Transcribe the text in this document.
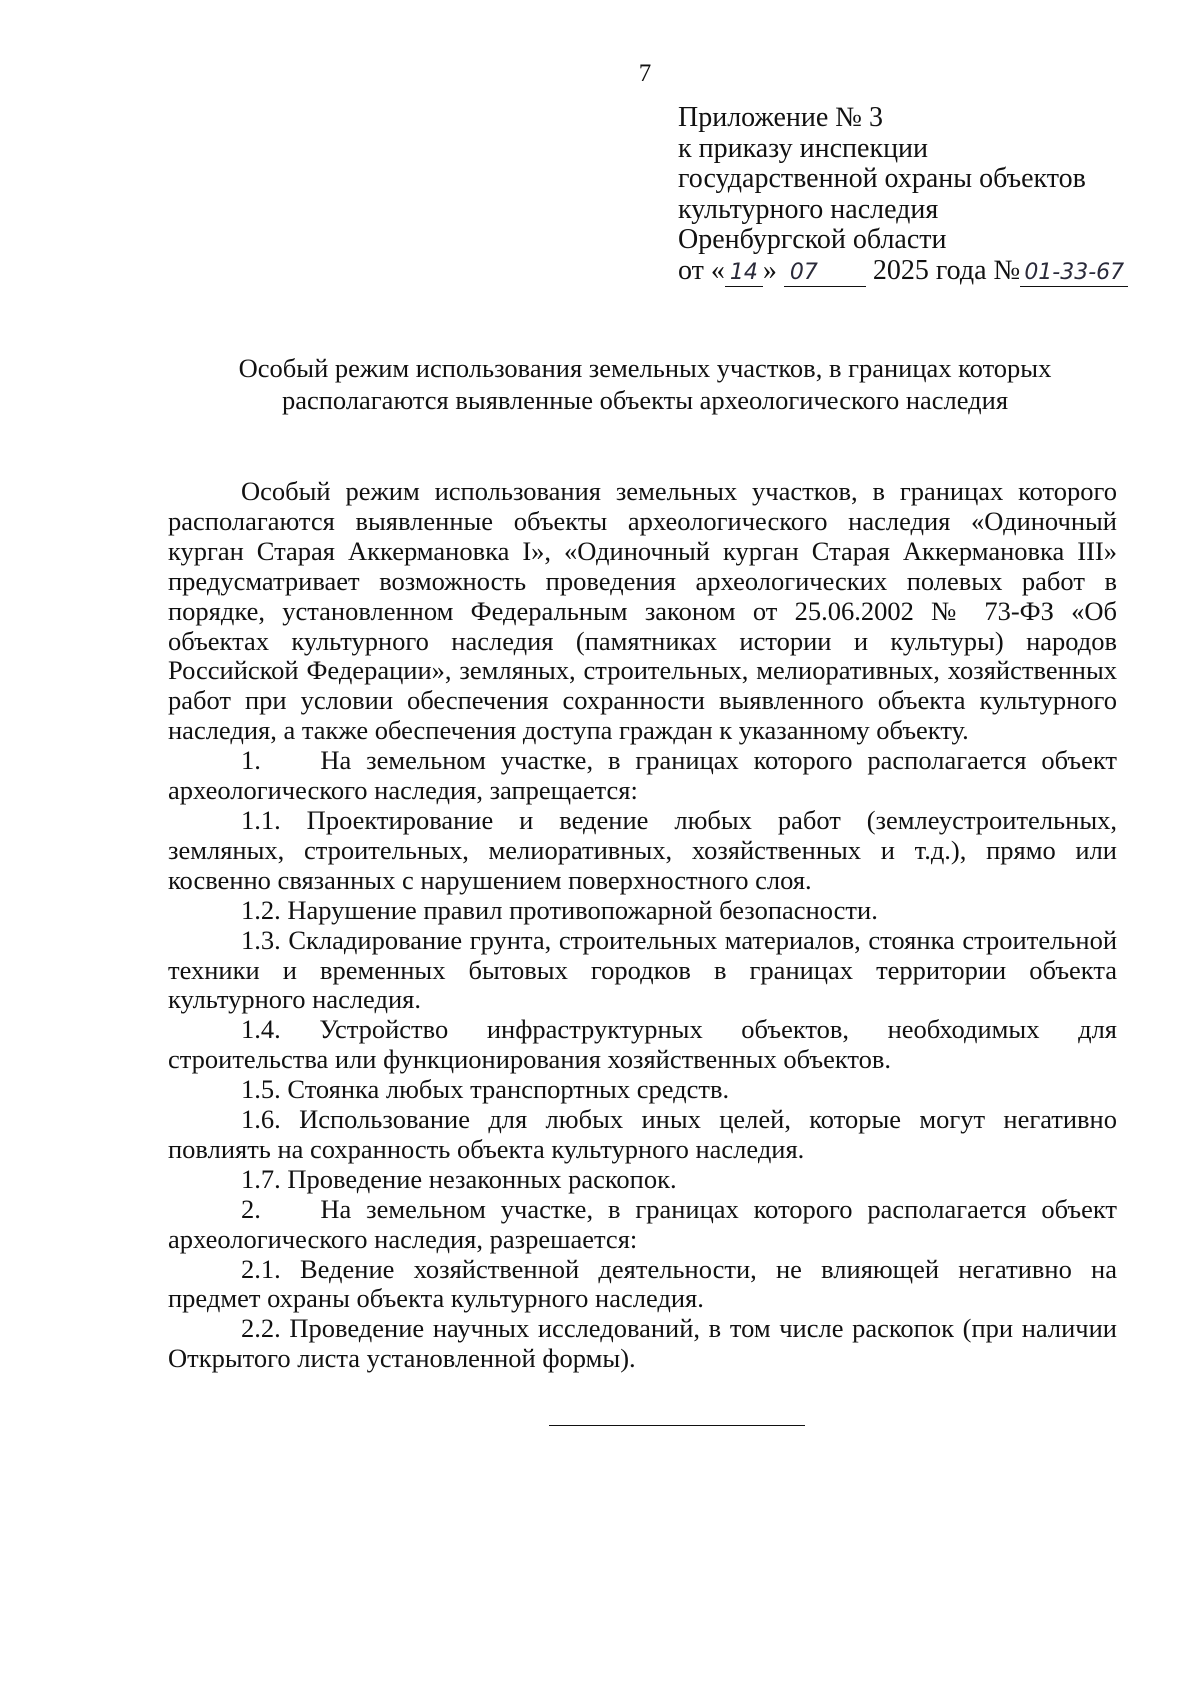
7
Приложение № 3
к приказу инспекции
государственной охраны объектов
культурного наследия
Оренбургской области
от « 14 » 07 2025 года № 01-33-67
Особый режим использования земельных участков, в границах которых
располагаются выявленные объекты археологического наследия

Особый режим использования земельных участков, в границах которого располагаются выявленные объекты археологического наследия «Одиночный курган Старая Аккермановка I», «Одиночный курган Старая Аккермановка III» предусматривает возможность проведения археологических полевых работ в порядке, установленном Федеральным законом от 25.06.2002 № 73-ФЗ «Об объектах культурного наследия (памятниках истории и культуры) народов Российской Федерации», земляных, строительных, мелиоративных, хозяйственных работ при условии обеспечения сохранности выявленного объекта культурного наследия, а также обеспечения доступа граждан к указанному объекту.

1. На земельном участке, в границах которого располагается объект археологического наследия, запрещается:

1.1. Проектирование и ведение любых работ (землеустроительных, земляных, строительных, мелиоративных, хозяйственных и т.д.), прямо или косвенно связанных с нарушением поверхностного слоя.

1.2. Нарушение правил противопожарной безопасности.

1.3. Складирование грунта, строительных материалов, стоянка строительной техники и временных бытовых городков в границах территории объекта культурного наследия.

1.4. Устройство инфраструктурных объектов, необходимых для строительства или функционирования хозяйственных объектов.

1.5. Стоянка любых транспортных средств.

1.6. Использование для любых иных целей, которые могут негативно повлиять на сохранность объекта культурного наследия.

1.7. Проведение незаконных раскопок.

2. На земельном участке, в границах которого располагается объект археологического наследия, разрешается:

2.1. Ведение хозяйственной деятельности, не влияющей негативно на предмет охраны объекта культурного наследия.

2.2. Проведение научных исследований, в том числе раскопок (при наличии Открытого листа установленной формы).
